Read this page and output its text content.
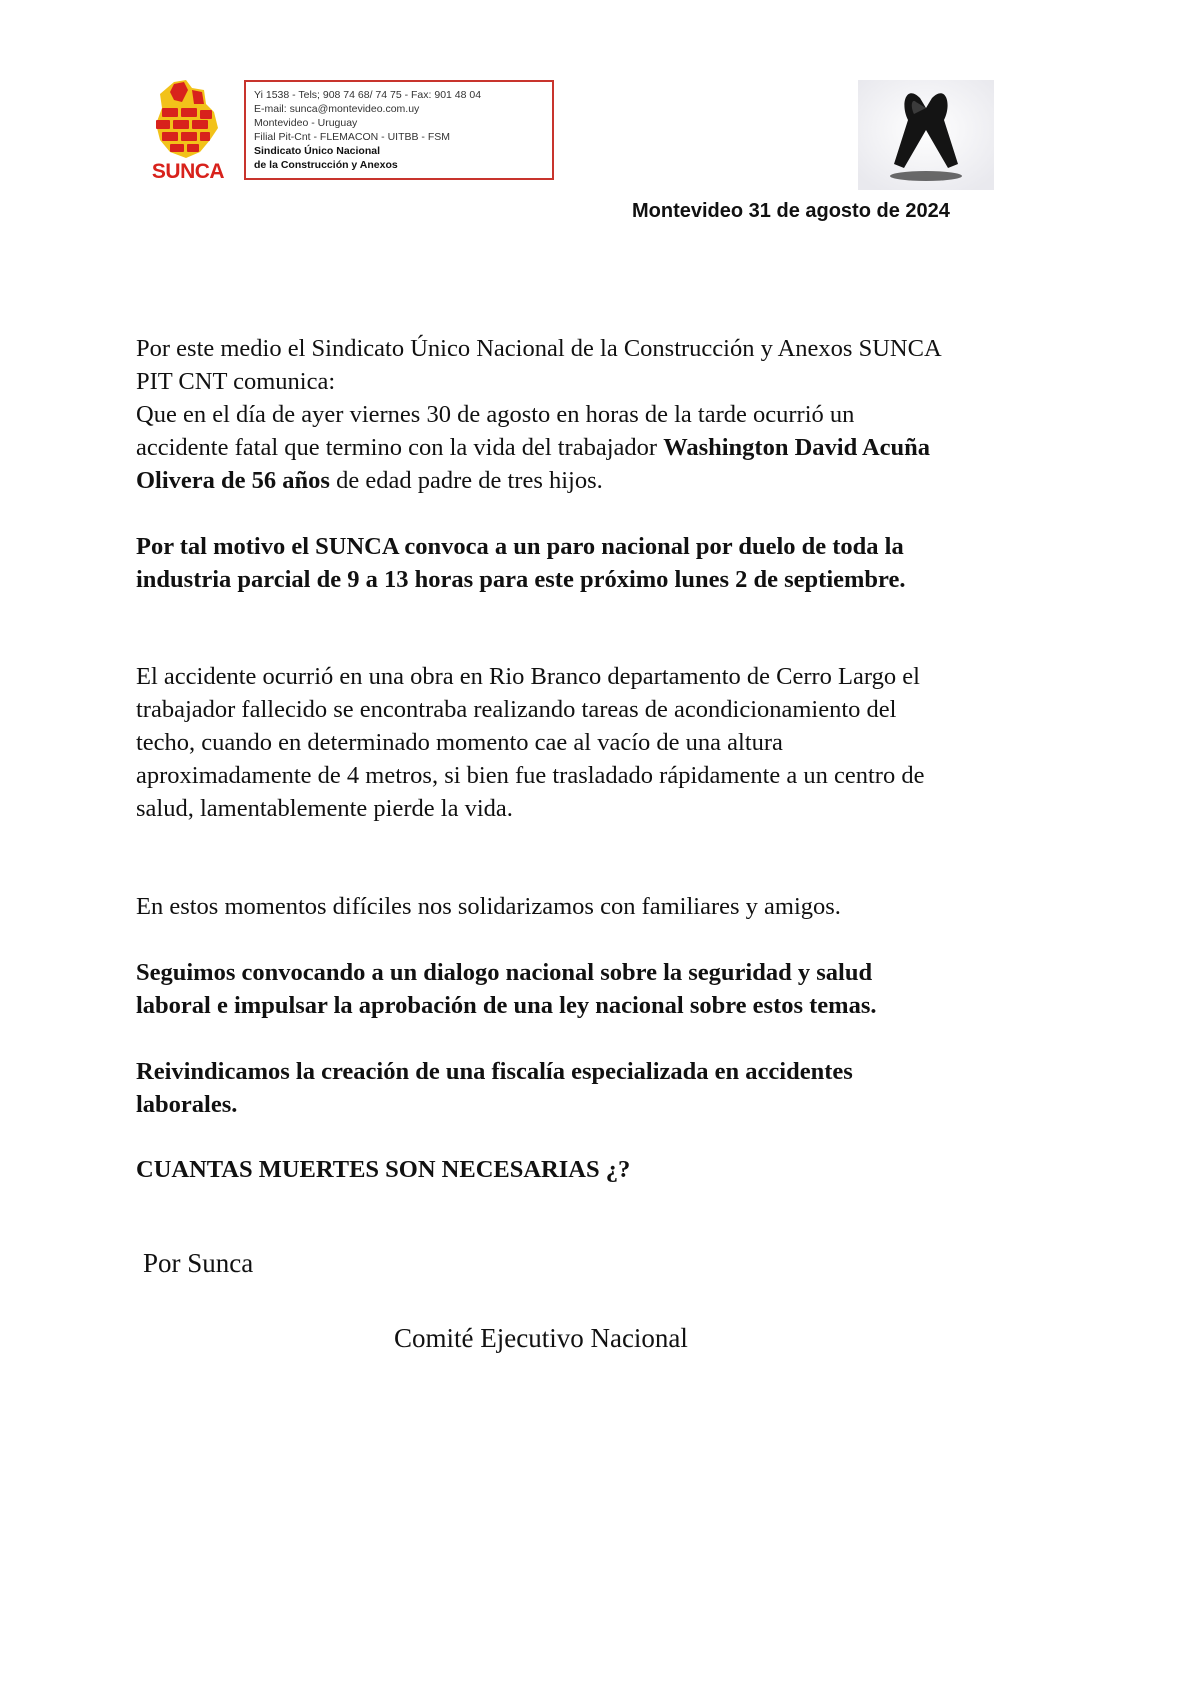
SUNCA
Yi 1538 - Tels; 908 74 68/ 74 75 - Fax: 901 48 04
E-mail: sunca@montevideo.com.uy
Montevideo - Uruguay
Filial Pit-Cnt - FLEMACON - UITBB - FSM
Sindicato Único Nacional
de la Construcción y Anexos
Montevideo 31 de agosto de 2024
Por este medio el Sindicato Único Nacional de la Construcción y Anexos SUNCA
PIT CNT comunica:
Que en el día de ayer viernes 30 de agosto en horas de la tarde ocurrió un
accidente fatal que termino con la vida del trabajador Washington David Acuña
Olivera de 56 años de edad padre de tres hijos.
Por tal motivo el SUNCA convoca a un paro nacional por duelo de toda la
industria parcial de 9 a 13 horas para este próximo lunes 2 de septiembre.
El accidente ocurrió en una obra en Rio Branco departamento de Cerro Largo el
trabajador fallecido se encontraba realizando tareas de acondicionamiento del
techo, cuando en determinado momento cae al vacío de una altura
aproximadamente de 4 metros, si bien fue trasladado rápidamente a un centro de
salud, lamentablemente pierde la vida.
En estos momentos difíciles nos solidarizamos con familiares y amigos.
Seguimos convocando a un dialogo nacional sobre la seguridad y salud
laboral e impulsar la aprobación de una ley nacional sobre estos temas.
Reivindicamos la creación de una fiscalía especializada en accidentes
laborales.
CUANTAS MUERTES SON NECESARIAS ¿?
Por Sunca
Comité Ejecutivo Nacional
